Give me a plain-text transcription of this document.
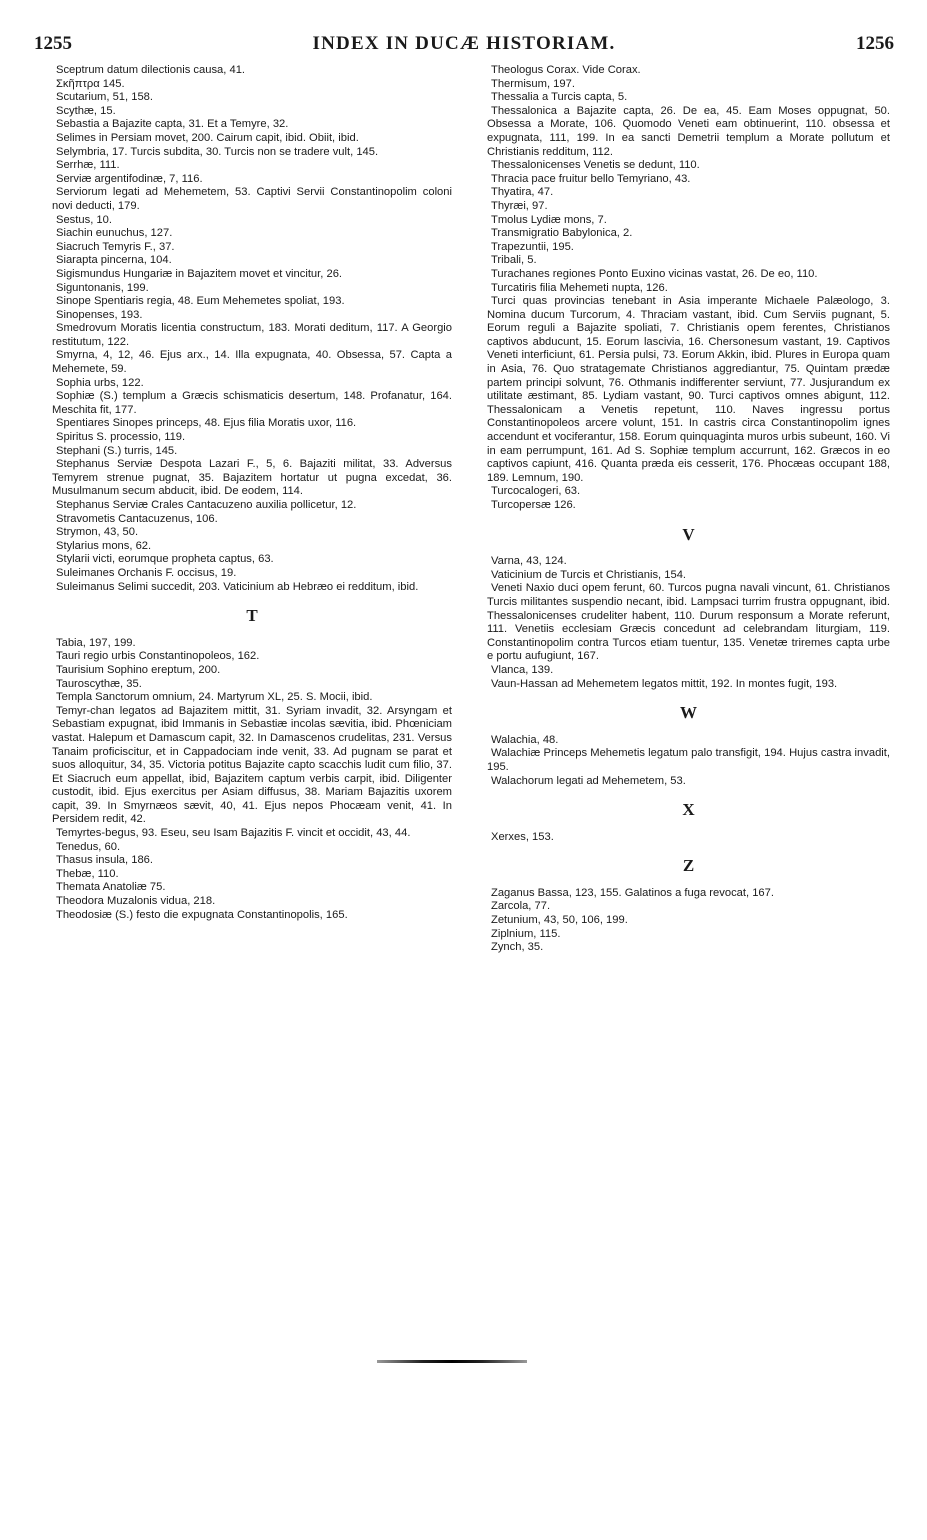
1255	INDEX IN DUCÆ HISTORIAM.	1256
Sceptrum datum dilectionis causa, 41.
Σκῆπτρα 145.
Scutarium, 51, 158.
Scythæ, 15.
Sebastia a Bajazite capta, 31. Et a Temyre, 32.
Selimes in Persiam movet, 200. Cairum capit, ibid. Obiit, ibid.
Selymbria, 17. Turcis subdita, 30. Turcis non se tradere vult, 145.
Serrhæ, 111.
Serviæ argentifodinæ, 7, 116.
Serviorum legati ad Mehemetem, 53. Captivi Servii Constantinopolim coloni novi deducti, 179.
Sestus, 10.
Siachin eunuchus, 127.
Siacruch Temyris F., 37.
Siarapta pincerna, 104.
Sigismundus Hungariæ in Bajazitem movet et vincitur, 26.
Siguntonanis, 199.
Sinope Spentiaris regia, 48. Eum Mehemetes spoliat, 193.
Sinopenses, 193.
Smedrovum Moratis licentia constructum, 183. Morati deditum, 117. A Georgio restitutum, 122.
Smyrna, 4, 12, 46. Ejus arx., 14. Illa expugnata, 40. Obsessa, 57. Capta a Mehemete, 59.
Sophia urbs, 122.
Sophiæ (S.) templum a Græcis schismaticis desertum, 148. Profanatur, 164. Meschita fit, 177.
Spentiares Sinopes princeps, 48. Ejus filia Moratis uxor, 116.
Spiritus S. processio, 119.
Stephani (S.) turris, 145.
Stephanus Serviæ Despota Lazari F., 5, 6. Bajaziti militat, 33. Adversus Temyrem strenue pugnat, 35. Bajazitem hortatur ut pugna excedat, 36. Musulmanum secum abducit, ibid. De eodem, 114.
Stephanus Serviæ Crales Cantacuzeno auxilia pollicetur, 12.
Stravometis Cantacuzenus, 106.
Strymon, 43, 50.
Stylarius mons, 62.
Stylarii victi, eorumque propheta captus, 63.
Suleimanes Orchanis F. occisus, 19.
Suleimanus Selimi succedit, 203. Vaticinium ab Hebræo ei redditum, ibid.
T
Tabia, 197, 199.
Tauri regio urbis Constantinopoleos, 162.
Taurisium Sophino ereptum, 200.
Tauroscythæ, 35.
Templa Sanctorum omnium, 24. Martyrum XL, 25. S. Mocii, ibid.
Temyr-chan legatos ad Bajazitem mittit, 31. Syriam invadit, 32. Arsyngam et Sebastiam expugnat, ibid Immanis in Sebastiæ incolas sævitia, ibid. Phœniciam vastat. Halepum et Damascum capit, 32. In Damascenos crudelitas, 231. Versus Tanaim proficiscitur, et in Cappadociam inde venit, 33. Ad pugnam se parat et suos alloquitur, 34, 35. Victoria potitus Bajazite capto scacchis ludit cum filio, 37. Et Siacruch eum appellat, ibid, Bajazitem captum verbis carpit, ibid. Diligenter custodit, ibid. Ejus exercitus per Asiam diffusus, 38. Mariam Bajazitis uxorem capit, 39. In Smyrnæos sævit, 40, 41. Ejus nepos Phocæam venit, 41. In Persidem redit, 42.
Temyrtes-begus, 93. Eseu, seu Isam Bajazitis F. vincit et occidit, 43, 44.
Tenedus, 60.
Thasus insula, 186.
Thebæ, 110.
Themata Anatoliæ 75.
Theodora Muzalonis vidua, 218.
Theodosiæ (S.) festo die expugnata Constantinopolis, 165.
Theologus Corax. Vide Corax.
Thermisum, 197.
Thessalia a Turcis capta, 5.
Thessalonica a Bajazite capta, 26. De ea, 45. Eam Moses oppugnat, 50. Obsessa a Morate, 106. Quomodo Veneti eam obtinuerint, 110. obsessa et expugnata, 111, 199. In ea sancti Demetrii templum a Morate pollutum et Christianis redditum, 112.
Thessalonicenses Venetis se dedunt, 110.
Thracia pace fruitur bello Temyriano, 43.
Thyatira, 47.
Thyræi, 97.
Tmolus Lydiæ mons, 7.
Transmigratio Babylonica, 2.
Trapezuntii, 195.
Tribali, 5.
Turachanes regiones Ponto Euxino vicinas vastat, 26. De eo, 110.
Turcatiris filia Mehemeti nupta, 126.
Turci quas provincias tenebant in Asia imperante Michaele Palæologo, 3. Nomina ducum Turcorum, 4. Thraciam vastant, ibid. Cum Serviis pugnant, 5. Eorum reguli a Bajazite spoliati, 7. Christianis opem ferentes, Christianos captivos abducunt, 15. Eorum lascivia, 16. Chersonesum vastant, 19. Captivos Veneti interficiunt, 61. Persia pulsi, 73. Eorum Akkin, ibid. Plures in Europa quam in Asia, 76. Quo stratagemate Christianos aggrediantur, 75. Quintam prædæ partem principi solvunt, 76. Othmanis indifferenter serviunt, 77. Jusjurandum ex utilitate æstimant, 85. Lydiam vastant, 90. Turci captivos omnes abigunt, 112. Thessalonicam a Venetis repetunt, 110. Naves ingressu portus Constantinopoleos arcere volunt, 151. In castris circa Constantinopolim ignes accendunt et vociferantur, 158. Eorum quinquaginta muros urbis subeunt, 160. Vi in eam perrumpunt, 161. Ad S. Sophiæ templum accurrunt, 162. Græcos in eo captivos capiunt, 416. Quanta præda eis cesserit, 176. Phocæas occupant 188, 189. Lemnum, 190.
Turcocalogeri, 63.
Turcopersæ 126.
V
Varna, 43, 124.
Vaticinium de Turcis et Christianis, 154.
Veneti Naxio duci opem ferunt, 60. Turcos pugna navali vincunt, 61. Christianos Turcis militantes suspendio necant, ibid. Lampsaci turrim frustra oppugnant, ibid. Thessalonicenses crudeliter habent, 110. Durum responsum a Morate referunt, 111. Venetiis ecclesiam Græcis concedunt ad celebrandam liturgiam, 119. Constantinopolim contra Turcos etiam tuentur, 135. Venetæ triremes capta urbe e portu aufugiunt, 167.
Vlanca, 139.
Vaun-Hassan ad Mehemetem legatos mittit, 192. In montes fugit, 193.
W
Walachia, 48.
Walachiæ Princeps Mehemetis legatum palo transfigit, 194. Hujus castra invadit, 195.
Walachorum legati ad Mehemetem, 53.
X
Xerxes, 153.
Z
Zaganus Bassa, 123, 155. Galatinos a fuga revocat, 167.
Zarcola, 77.
Zetunium, 43, 50, 106, 199.
Ziplnium, 115.
Zynch, 35.
